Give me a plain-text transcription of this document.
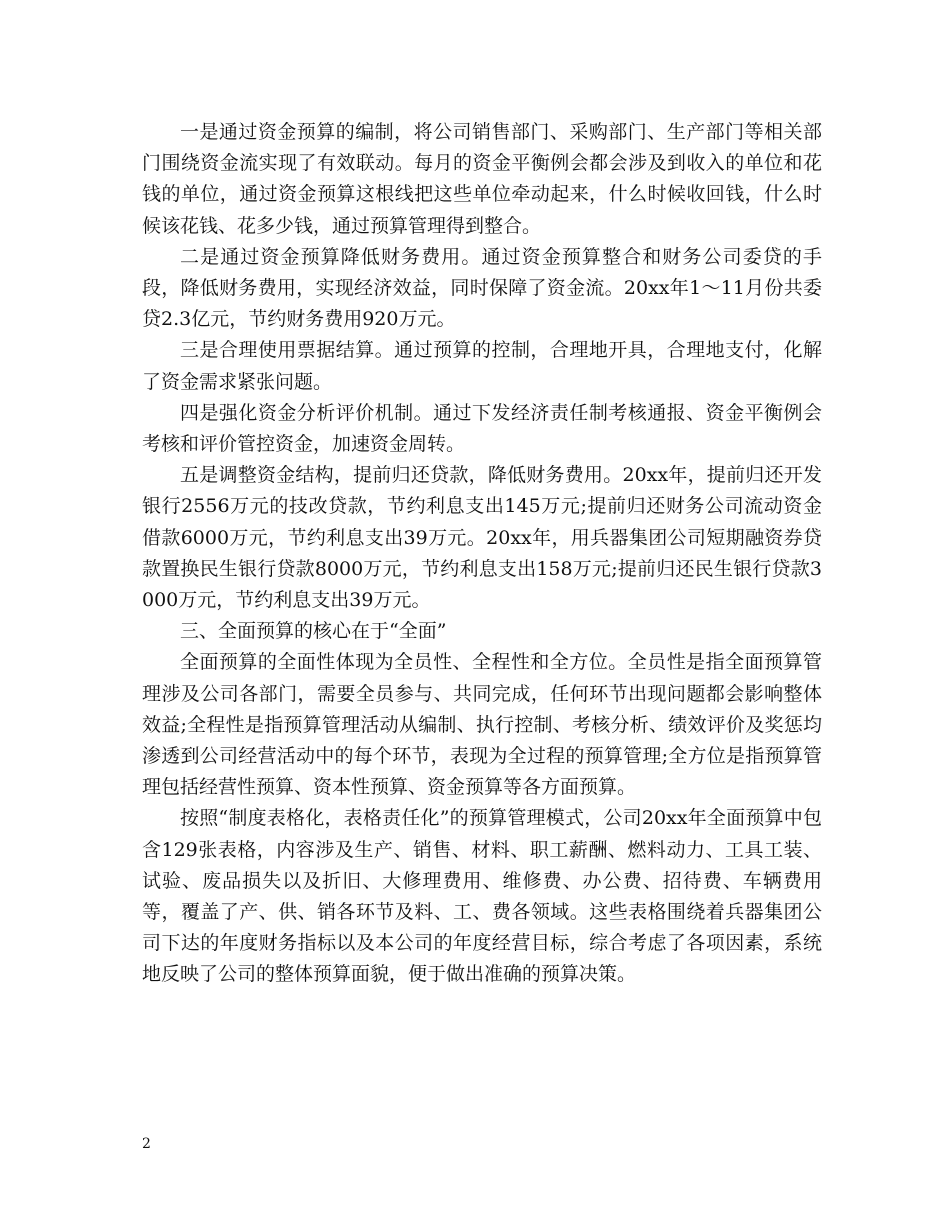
一是通过资金预算的编制，将公司销售部门、采购部门、生产部门等相关部门围绕资金流实现了有效联动。每月的资金平衡例会都会涉及到收入的单位和花钱的单位，通过资金预算这根线把这些单位牵动起来，什么时候收回钱，什么时候该花钱、花多少钱，通过预算管理得到整合。

二是通过资金预算降低财务费用。通过资金预算整合和财务公司委贷的手段，降低财务费用，实现经济效益，同时保障了资金流。20xx年1～11月份共委贷2.3亿元，节约财务费用920万元。

三是合理使用票据结算。通过预算的控制，合理地开具，合理地支付，化解了资金需求紧张问题。

四是强化资金分析评价机制。通过下发经济责任制考核通报、资金平衡例会考核和评价管控资金，加速资金周转。

五是调整资金结构，提前归还贷款，降低财务费用。20xx年，提前归还开发银行2556万元的技改贷款，节约利息支出145万元;提前归还财务公司流动资金借款6000万元，节约利息支出39万元。20xx年，用兵器集团公司短期融资券贷款置换民生银行贷款8000万元，节约利息支出158万元;提前归还民生银行贷款3000万元，节约利息支出39万元。

三、全面预算的核心在于“全面”

全面预算的全面性体现为全员性、全程性和全方位。全员性是指全面预算管理涉及公司各部门，需要全员参与、共同完成，任何环节出现问题都会影响整体效益;全程性是指预算管理活动从编制、执行控制、考核分析、绩效评价及奖惩均渗透到公司经营活动中的每个环节，表现为全过程的预算管理;全方位是指预算管理包括经营性预算、资本性预算、资金预算等各方面预算。

按照“制度表格化，表格责任化”的预算管理模式，公司20xx年全面预算中包含129张表格，内容涉及生产、销售、材料、职工薪酬、燃料动力、工具工装、试验、废品损失以及折旧、大修理费用、维修费、办公费、招待费、车辆费用等，覆盖了产、供、销各环节及料、工、费各领域。这些表格围绕着兵器集团公司下达的年度财务指标以及本公司的年度经营目标，综合考虑了各项因素，系统地反映了公司的整体预算面貌，便于做出准确的预算决策。

2
